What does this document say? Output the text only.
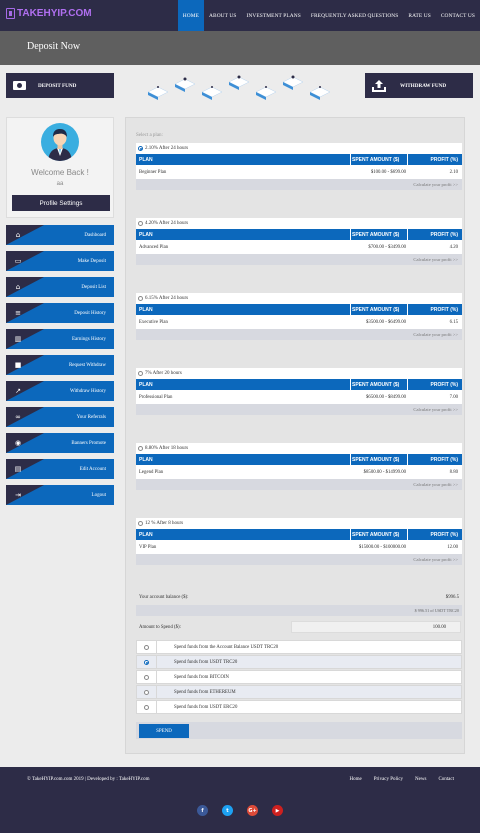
TAKEHYIP.COM	HOME	ABOUT US	INVESTMENT PLANS	FREQUENTLY ASKED QUESTIONS	RATE US	CONTACT US
Deposit Now
DEPOSIT FUND	WITHDRAW FUND
Welcome Back !
aa
Profile Settings
⌂	Dashboard
▭	Make Deposit
⌂	Deposit List
≡	Deposit History
▥	Earnings History
■	Request Withdraw
↗	Withdraw History
∞	Your Referrals
◉	Banners Promote
▤	Edit Account
⇥	Logout
Select a plan:
2.10% After 24 hours
PLAN	SPENT AMOUNT ($)	PROFIT (%)
Beginner Plan	$100.00 - $699.00	2.10
Calculate your profit >>
4.20% After 24 hours
PLAN	SPENT AMOUNT ($)	PROFIT (%)
Advanced Plan	$700.00 - $3499.00	4.20
Calculate your profit >>
6.15% After 24 hours
PLAN	SPENT AMOUNT ($)	PROFIT (%)
Executive Plan	$3500.00 - $6499.00	6.15
Calculate your profit >>
7% After 20 hours
PLAN	SPENT AMOUNT ($)	PROFIT (%)
Professional Plan	$6500.00 - $8499.00	7.00
Calculate your profit >>
8.80% After 18 hours
PLAN	SPENT AMOUNT ($)	PROFIT (%)
Legend Plan	$8500.00 - $14999.00	8.80
Calculate your profit >>
12 % After 8 hours
PLAN	SPENT AMOUNT ($)	PROFIT (%)
VIP Plan	$15000.00 - $100000.00	12.00
Calculate your profit >>
Your account balance ($):	$996.5
$ 996.51 of USDT TRC20
Amount to Spend ($):	100.00
Spend funds from the Account Balance USDT TRC20
Spend funds from USDT TRC20
Spend funds from BITCOIN
Spend funds from ETHEREUM
Spend funds from USDT ERC20
SPEND
© TakeHYIP.com.com 2019 | Developed by : TakeHYIP.com	Home Privacy Policy News Contact
f	t	G+	▶
